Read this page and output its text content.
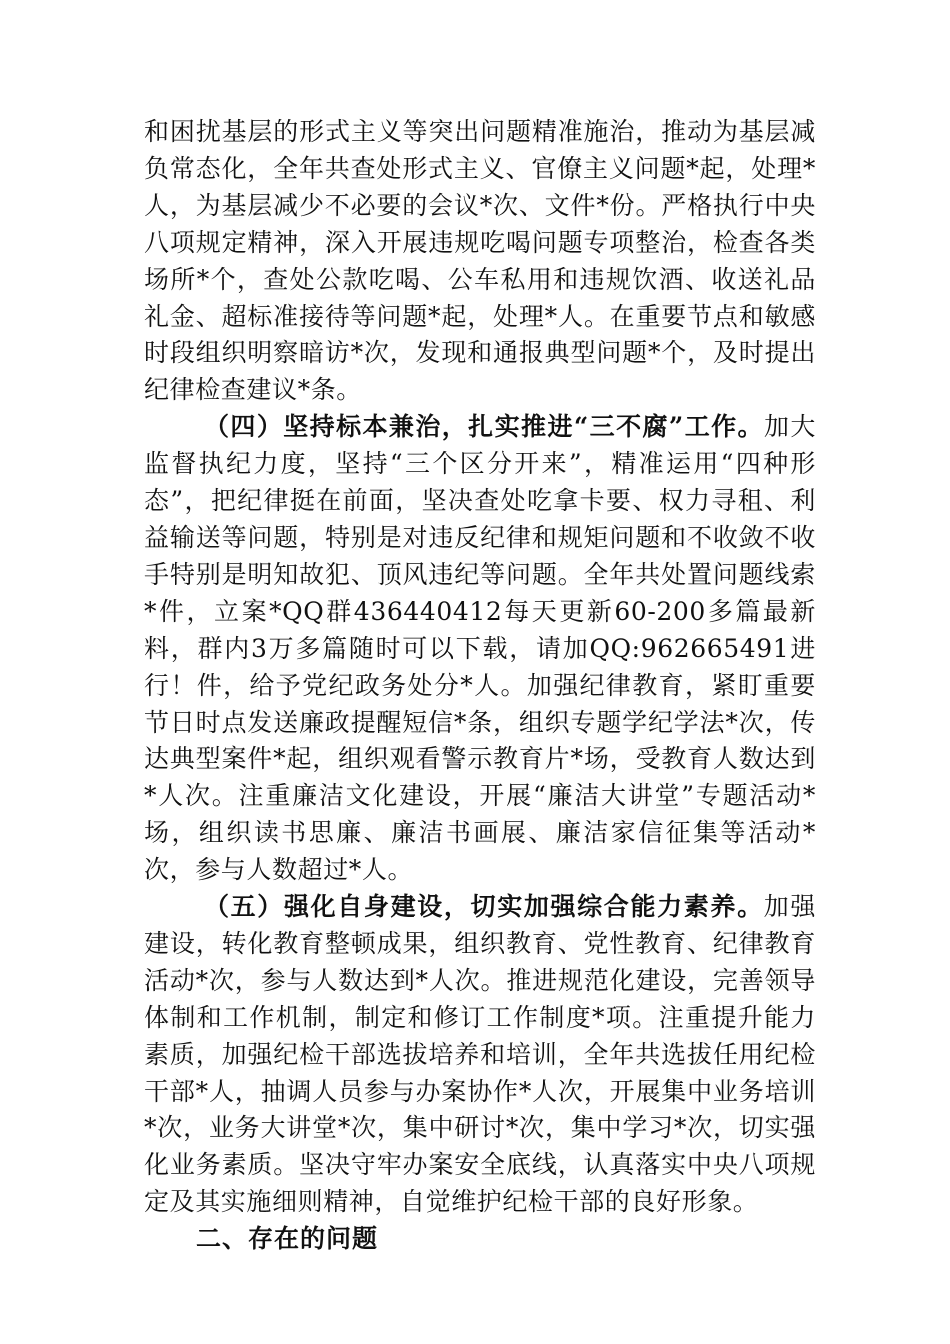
和困扰基层的形式主义等突出问题精准施治，推动为基层减负常态化，全年共查处形式主义、官僚主义问题*起，处理*人，为基层减少不必要的会议*次、文件*份。严格执行中央八项规定精神，深入开展违规吃喝问题专项整治，检查各类场所*个，查处公款吃喝、公车私用和违规饮酒、收送礼品礼金、超标准接待等问题*起，处理*人。在重要节点和敏感时段组织明察暗访*次，发现和通报典型问题*个，及时提出纪律检查建议*条。

（四）坚持标本兼治，扎实推进“三不腐”工作。加大监督执纪力度，坚持“三个区分开来”，精准运用“四种形态”，把纪律挺在前面，坚决查处吃拿卡要、权力寻租、利益输送等问题，特别是对违反纪律和规矩问题和不收敛不收手特别是明知故犯、顶风违纪等问题。全年共处置问题线索*件，立案*QQ群436440412每天更新60-200多篇最新料，群内3万多篇随时可以下载，请加QQ:962665491进行！件，给予党纪政务处分*人。加强纪律教育，紧盯重要节日时点发送廉政提醒短信*条，组织专题学纪学法*次，传达典型案件*起，组织观看警示教育片*场，受教育人数达到*人次。注重廉洁文化建设，开展“廉洁大讲堂”专题活动*场，组织读书思廉、廉洁书画展、廉洁家信征集等活动*次，参与人数超过*人。

（五）强化自身建设，切实加强综合能力素养。加强建设，转化教育整顿成果，组织教育、党性教育、纪律教育活动*次，参与人数达到*人次。推进规范化建设，完善领导体制和工作机制，制定和修订工作制度*项。注重提升能力素质，加强纪检干部选拔培养和培训，全年共选拔任用纪检干部*人，抽调人员参与办案协作*人次，开展集中业务培训*次，业务大讲堂*次，集中研讨*次，集中学习*次，切实强化业务素质。坚决守牢办案安全底线，认真落实中央八项规定及其实施细则精神，自觉维护纪检干部的良好形象。

二、存在的问题
